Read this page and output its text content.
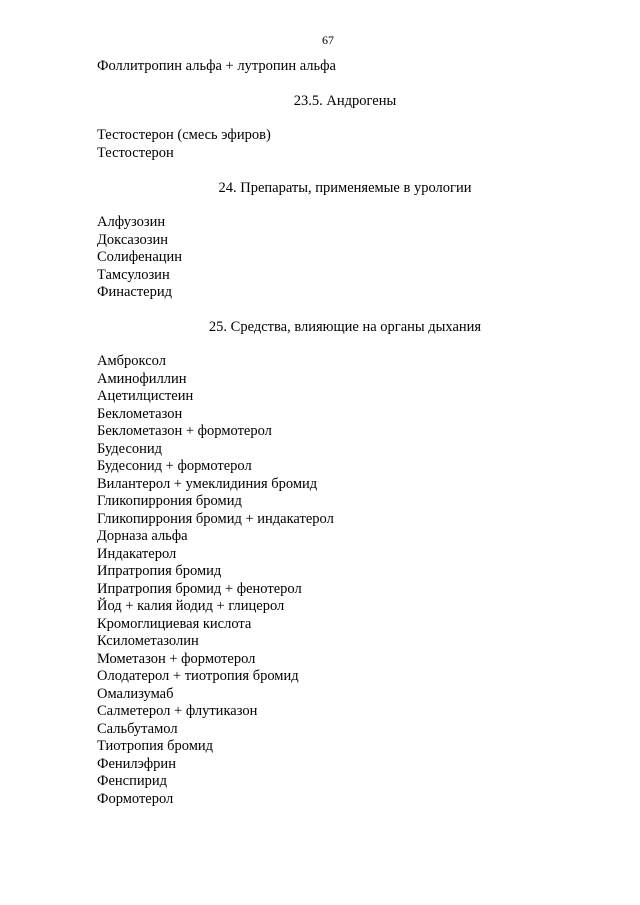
67
Фоллитропин альфа + лутропин альфа
23.5. Андрогены
Тестостерон (смесь эфиров)
Тестостерон
24. Препараты, применяемые в урологии
Алфузозин
Доксазозин
Солифенацин
Тамсулозин
Финастерид
25. Средства, влияющие на органы дыхания
Амброксол
Аминофиллин
Ацетилцистеин
Беклометазон
Беклометазон + формотерол
Будесонид
Будесонид + формотерол
Вилантерол + умеклидиния бромид
Гликопиррония бромид
Гликопиррония бромид + индакатерол
Дорназа альфа
Индакатерол
Ипратропия бромид
Ипратропия бромид + фенотерол
Йод + калия йодид + глицерол
Кромоглициевая кислота
Ксилометазолин
Мометазон + формотерол
Олодатерол + тиотропия бромид
Омализумаб
Салметерол + флутиказон
Сальбутамол
Тиотропия бромид
Фенилэфрин
Фенспирид
Формотерол
